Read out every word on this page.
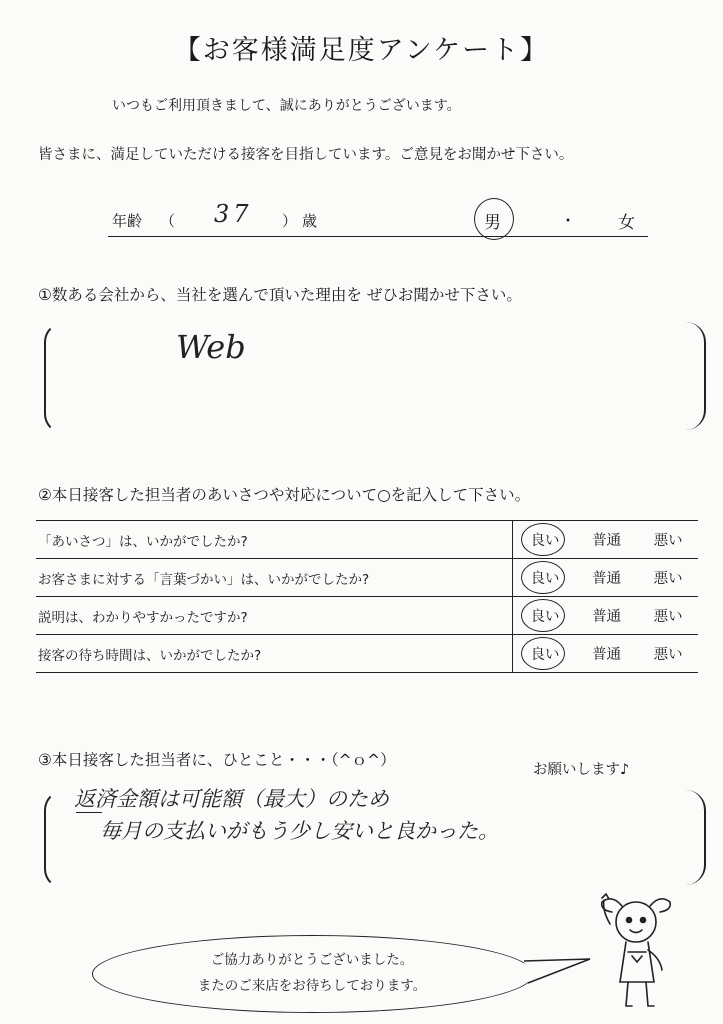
【お客様満足度アンケート】
いつもご利用頂きまして、誠にありがとうございます。
皆さまに、満足していただける接客を目指しています。ご意見をお聞かせ下さい。
年齢 （ 37 ） 歳	男	・ 女
①数ある会社から、当社を選んで頂いた理由を ぜひお聞かせ下さい。
Web
②本日接客した担当者のあいさつや対応について○を記入して下さい。
「あいさつ」は、いかがでしたか?	良い	普通	悪い
お客さまに対する「言葉づかい」は、いかがでしたか?	良い	普通	悪い
説明は、わかりやすかったですか?	良い	普通	悪い
接客の待ち時間は、いかがでしたか?	良い	普通	悪い
③本日接客した担当者に、ひとこと・・・（^ｏ^）
お願いします♪
返済金額は可能額（最大）のため
毎月の支払いがもう少し安いと良かった。
ご協力ありがとうございました。
またのご来店をお待ちしております。
